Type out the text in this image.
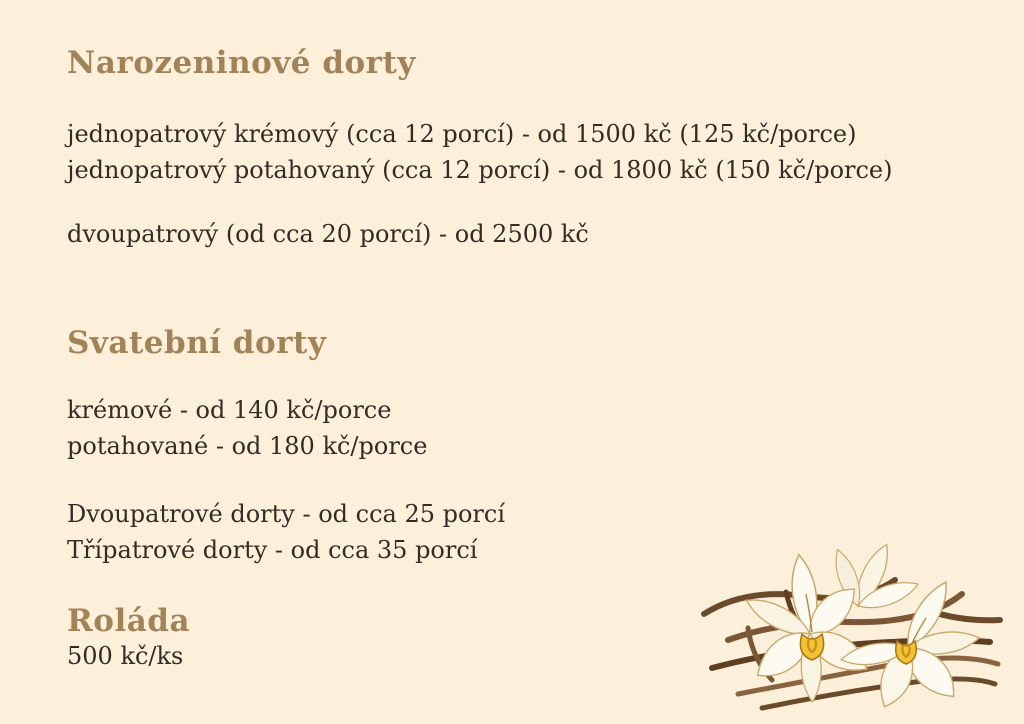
Narozeninové dorty

jednopatrový krémový (cca 12 porcí) - od 1500 kč (125 kč/porce)

jednopatrový potahovaný (cca 12 porcí) - od 1800 kč (150 kč/porce)

dvoupatrový (od cca 20 porcí) - od 2500 kč

Svatební dorty

krémové - od 140 kč/porce

potahované - od 180 kč/porce

Dvoupatrové dorty - od cca 25 porcí

Třípatrové dorty - od cca 35 porcí

Roláda

500 kč/ks
